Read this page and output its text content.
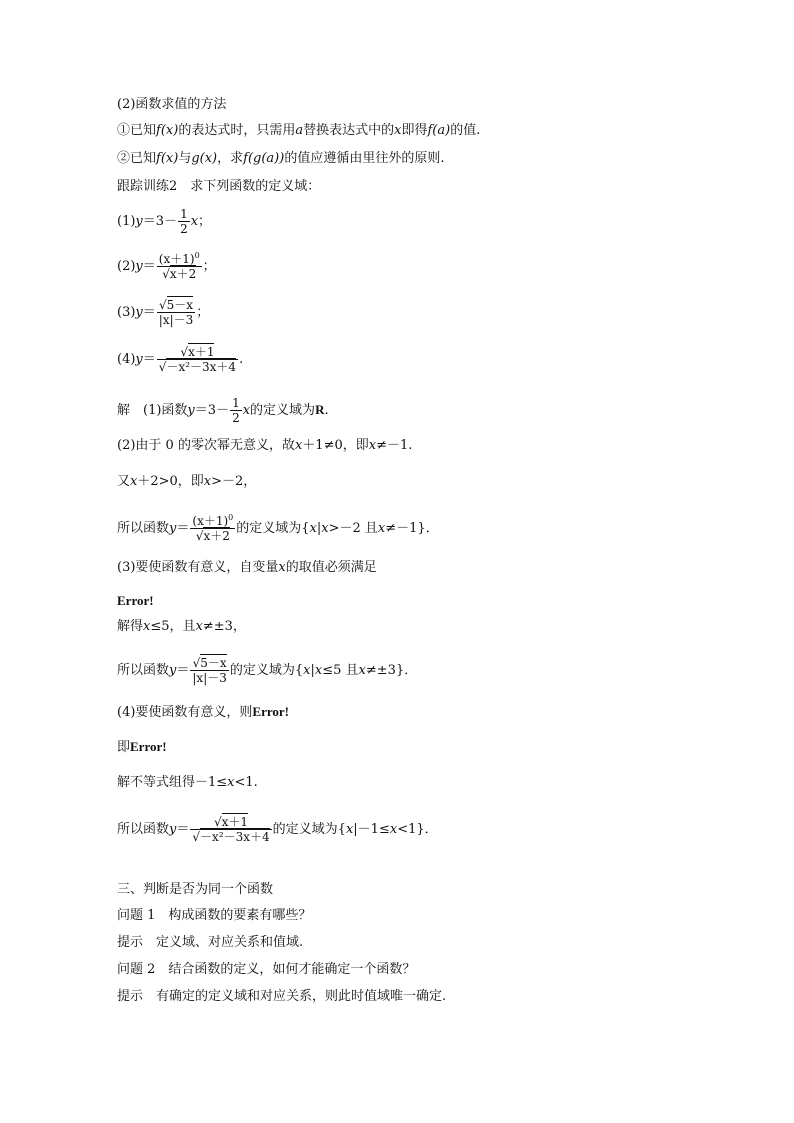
(2)函数求值的方法
①已知f(x)的表达式时，只需用a替换表达式中的x即得f(a)的值.
②已知f(x)与g(x)，求f(g(a))的值应遵循由里往外的原则.
跟踪训练2　求下列函数的定义域：
$(1)y=3- \frac{1}{2}$ x；
$(2)y= \frac{(x+1)^0}{√x+2}$ ；
$(3)y= \frac{√5-x}{|x|-3}$ ；
$(4)y= \frac{√x+1}{\text{√－x²－3x＋4}}$ .
解　(1)函数$y=3- \frac{1}{2}$ x的定义域为R.
(2)由于 0 的零次幂无意义，故x＋1≠0，即x≠－1.
又x＋2>0，即x>－2，
所以函数$y= \frac{(x+1)^0}{√x+2}$ 的定义域为{x|x>－2 且x≠－1}．
(3)要使函数有意义，自变量x的取值必须满足
Error!
解得x≤5，且x≠±3，
所以函数$y= \frac{√5-x}{|x|-3}$ 的定义域为{x|x≤5 且x≠±3}．
(4)要使函数有意义，则Error!
即Error!
解不等式组得－1≤x<1.
所以函数$y= \frac{√x+1}{\text{√－x²－3x＋4}}$ 的定义域为{x|－1≤x<1}．
三、判断是否为同一个函数
问题 1　构成函数的要素有哪些？
提示　定义域、对应关系和值域.
问题 2　结合函数的定义，如何才能确定一个函数？
提示　有确定的定义域和对应关系，则此时值域唯一确定.
